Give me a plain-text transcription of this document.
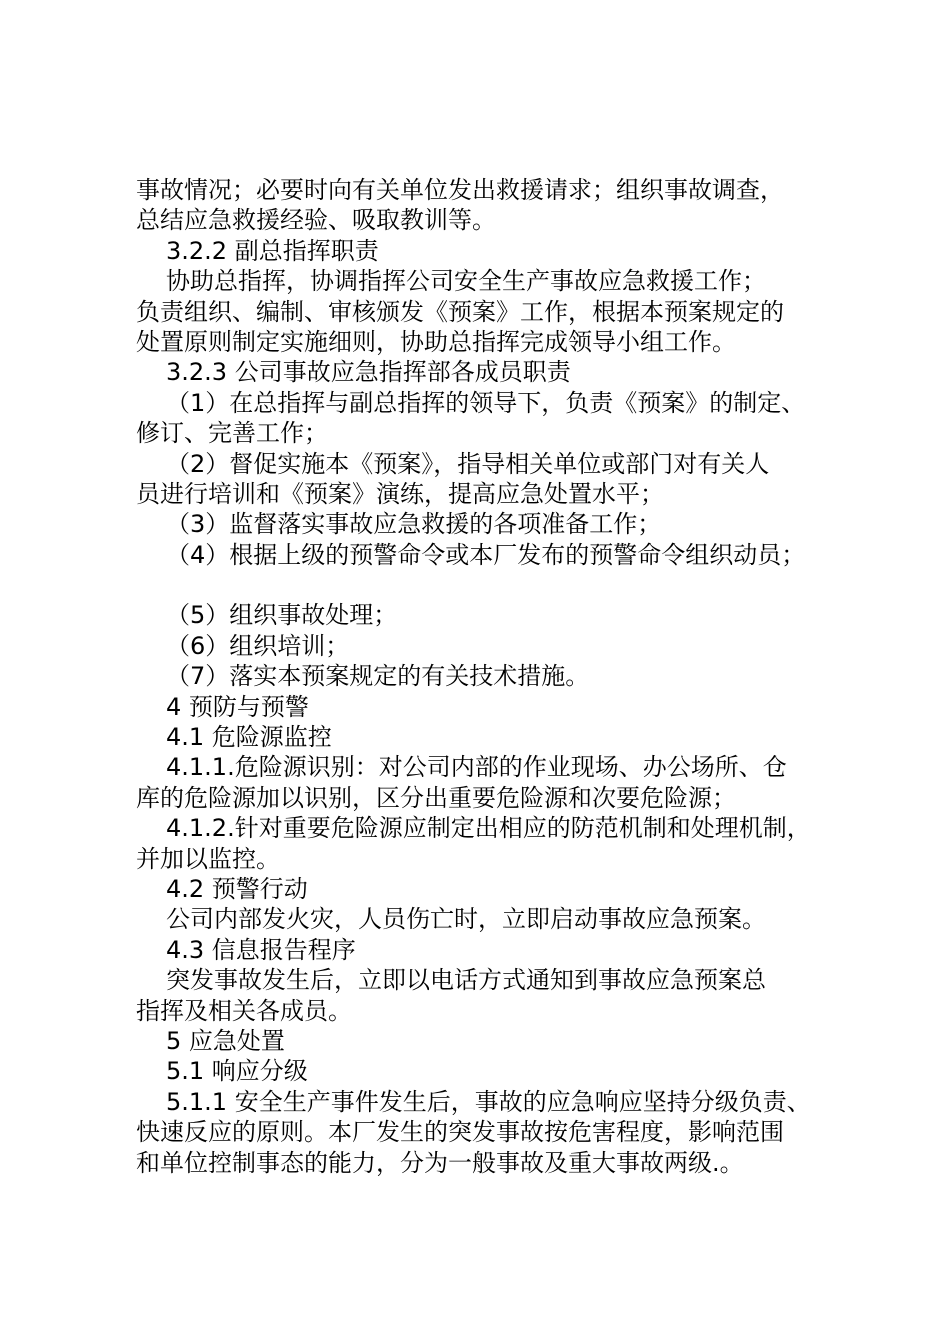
事故情况；必要时向有关单位发出救援请求；组织事故调查，
总结应急救援经验、吸取教训等。
3.2.2 副总指挥职责
协助总指挥，协调指挥公司安全生产事故应急救援工作；
负责组织、编制、审核颁发《预案》工作，根据本预案规定的
处置原则制定实施细则，协助总指挥完成领导小组工作。
3.2.3 公司事故应急指挥部各成员职责
（1）在总指挥与副总指挥的领导下，负责《预案》的制定、
修订、完善工作；
（2）督促实施本《预案》，指导相关单位或部门对有关人
员进行培训和《预案》演练，提高应急处置水平；
（3）监督落实事故应急救援的各项准备工作；
（4）根据上级的预警命令或本厂发布的预警命令组织动员；
（5）组织事故处理；
（6）组织培训；
（7）落实本预案规定的有关技术措施。
4 预防与预警
4.1 危险源监控
4.1.1.危险源识别：对公司内部的作业现场、办公场所、仓
库的危险源加以识别，区分出重要危险源和次要危险源；
4.1.2.针对重要危险源应制定出相应的防范机制和处理机制，
并加以监控。
4.2 预警行动
公司内部发火灾，人员伤亡时，立即启动事故应急预案。
4.3 信息报告程序
突发事故发生后，立即以电话方式通知到事故应急预案总
指挥及相关各成员。
5 应急处置
5.1 响应分级
5.1.1 安全生产事件发生后，事故的应急响应坚持分级负责、
快速反应的原则。本厂发生的突发事故按危害程度，影响范围
和单位控制事态的能力，分为一般事故及重大事故两级.。
